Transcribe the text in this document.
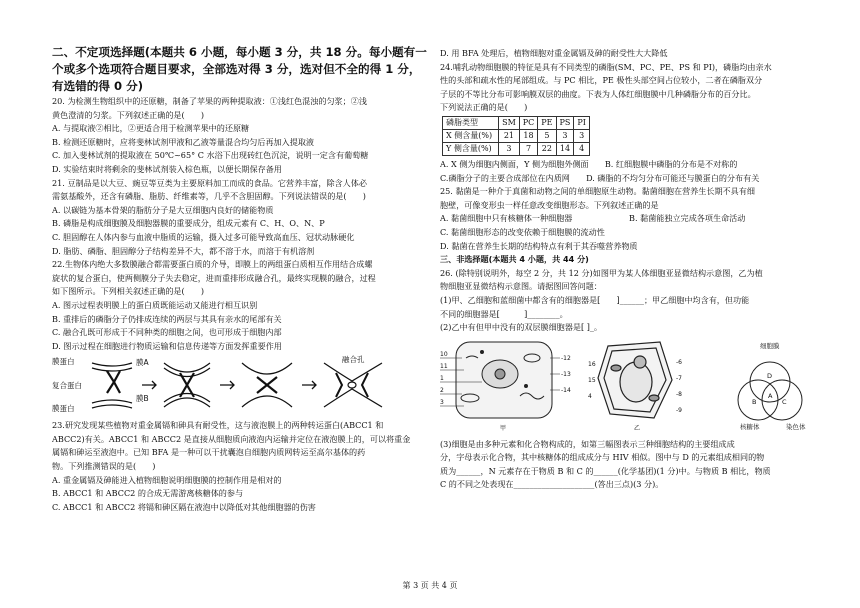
二、不定项选择题(本题共 6 小题，每小题 3 分，共 18 分。每小题有一

个或多个选项符合题目要求，全部选对得 3 分，选对但不全的得 1 分，

有选错的得 0 分)

20. 为检测生物组织中的还原糖，制备了苹果的两种提取液：①浅红色混浊的匀浆；②浅

黄色澄清的匀浆。下列叙述正确的是(　　)

A. 与提取液②相比，②更适合用于检测苹果中的还原糖

B. 检测还原糖时，应将斐林试剂甲液和乙液等量混合均匀后再加入提取液

C. 加入斐林试剂的提取液在 50℃~65° C 水浴下出现砖红色沉淀，说明一定含有葡萄糖

D. 实验结束时将剩余的斐林试剂装入棕色瓶，以便长期保存备用

21. 豆制品是以大豆、豌豆等豆类为主要原料加工而成的食品。它营养丰富，除含人体必

需氨基酸外，还含有磷脂、脂肪、纤维素等，几乎不含胆固醇。下列说法错误的是(　　)

A. 以碳链为基本骨架的脂肪分子是大豆细胞内良好的储能物质

B. 磷脂是构成细胞膜及细胞器膜的重要成分，组成元素有 C、H、O、N、P

C. 胆固醇在人体内参与血液中脂质的运输，摄入过多可能导致高血压、冠状动脉硬化

D. 脂肪、磷脂、胆固醇分子结构差异不大，都不溶于水，而溶于有机溶剂

22.生物体内绝大多数膜融合都需要蛋白质的介导，即膜上的两组蛋白质相互作用结合成螺

旋状的复合蛋白，使两侧膜分子失去稳定，进而重排形成融合孔，最终实现膜的融合，过程

如下图所示。下列相关叙述正确的是(　　)

A. 图示过程表明膜上的蛋白质既能运动又能进行相互识别

B. 重排后的磷脂分子仍排成连续的两层与其具有亲水的尾部有关

C. 融合孔既可形成于不同种类的细胞之间，也可形成于细胞内部

D. 图示过程在细胞进行物质运输和信息传递等方面发挥重要作用

膜蛋白	膜A
复合蛋白
膜B
膜蛋白
融合孔

23.研究发现某些植物对重金属镉和砷具有耐受性，这与液泡膜上的两种转运蛋白(ABCC1 和

ABCC2)有关。ABCC1 和 ABCC2 是直接从细胞质向液泡内运输并定位在液泡膜上的，可以将重金

属镉和砷运至液泡中。已知 BFA 是一种可以干扰囊泡自细胞内质网转运至高尔基体的药

物。下列推测错误的是(　　)

A. 重金属镉及砷能进入植物细胞说明细胞膜的控制作用是相对的

B. ABCC1 和 ABCC2 的合成无需游离核糖体的参与

C. ABCC1 和 ABCC2 将镉和砷区隔在液泡中以降低对其他细胞器的伤害

D. 用 BFA 处理后，植物细胞对重金属镉及砷的耐受性大大降低

24.哺乳动物细胞膜的特征是具有不同类型的磷脂(SM、PC、PE、PS 和 PI)，磷脂均由亲水

性的头部和疏水性的尾部组成。与 PC 相比，PE 极性头部空间占位较小，二者在磷脂双分

子层的不等比分布可影响膜双层的曲度。下表为人体红细胞膜中几种磷脂分布的百分比。

下列说法正确的是(　　)

磷脂类型	SM	PC	PE	PS	PI
X 侧含量(%)	21	18	5	3	3
Y 侧含量(%)	3	7	22	14	4

A. X 侧为细胞内侧面，Y 侧为细胞外侧面　　B. 红细胞膜中磷脂的分布是不对称的

C.磷脂分子的主要合成部位在内质网　　D. 磷脂的不均匀分布可能还与膜蛋白的分布有关

25. 黏菌是一种介于真菌和动物之间的单细胞原生动物。黏菌细胞在营养生长期不具有细

胞壁，可像变形虫一样任意改变细胞形态。下列叙述正确的是

A. 黏菌细胞中只有核糖体一种细胞器　　　　　　　B. 黏菌能独立完成各项生命活动

C. 黏菌细胞形态的改变依赖于细胞膜的流动性

D. 黏菌在营养生长期的结构特点有利于其吞噬营养物质

三、非选择题(本题共 4 小题，共 44 分)

26. (除特别说明外，每空 2 分，共 12 分)如图甲为某人体细胞亚显微结构示意图，乙为植

物细胞亚显微结构示意图。请据图回答问题：

(1)甲、乙细胞和蓝细菌中都含有的细胞器是[　　]______；甲乙细胞中均含有，但功能

不同的细胞器是[　　　]________。

(2)乙中有但甲中没有的双层膜细胞器是[ ]_。

10
11
1
2
3
-12
-13
-14
甲
16
15
4
-6
-7
-8
-9
乙
细胞膜
D
B	C
A
核糖体	染色体

(3)细胞是由多种元素和化合物构成的，如第三幅图表示三种细胞结构的主要组成成

分，字母表示化合物，其中核糖体的组成成分与 HIV 相似。图中与 D 的元素组成相同的物

质为______，N 元素存在于物质 B 和 C 的______(化学基团)(1 分)中。与物质 B 相比，物质

C 的不同之处表现在____________________(答出三点)(3 分)。

第 3 页 共 4 页
